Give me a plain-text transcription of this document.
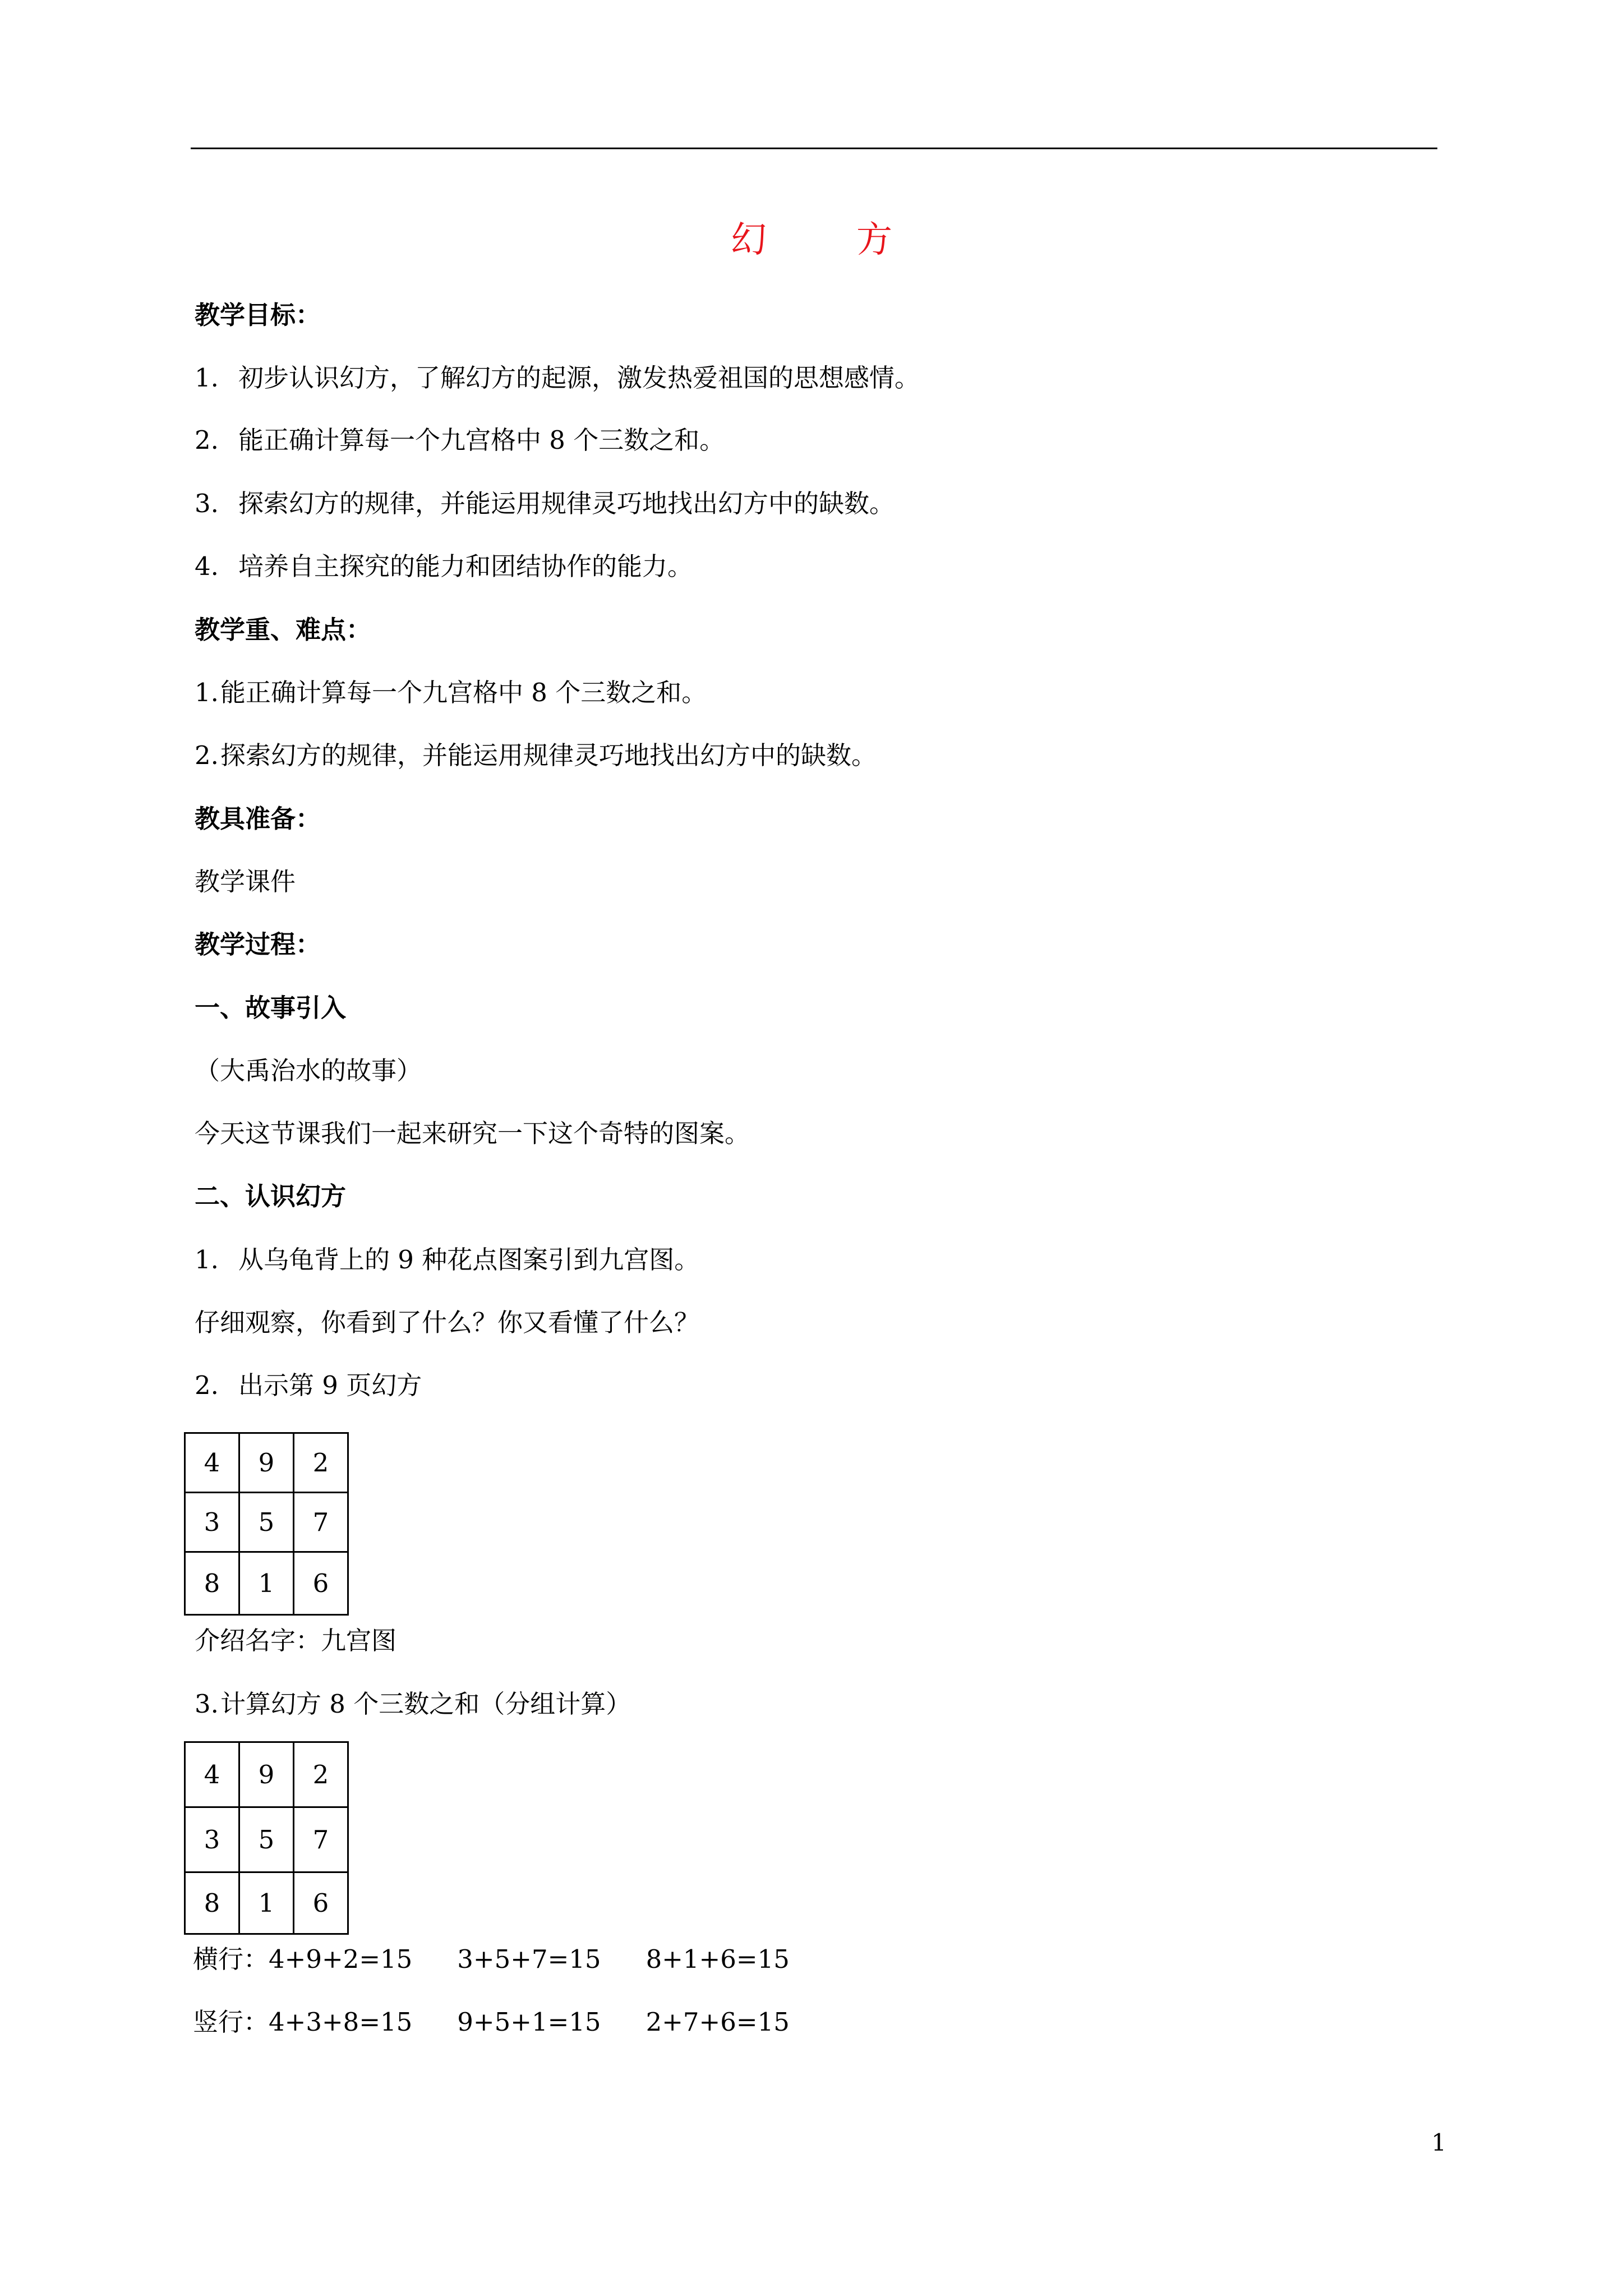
幻　方
教学目标：
1. 初步认识幻方，了解幻方的起源，激发热爱祖国的思想感情。
2. 能正确计算每一个九宫格中 8 个三数之和。
3. 探索幻方的规律，并能运用规律灵巧地找出幻方中的缺数。
4. 培养自主探究的能力和团结协作的能力。
教学重、难点：
1.能正确计算每一个九宫格中 8 个三数之和。
2.探索幻方的规律，并能运用规律灵巧地找出幻方中的缺数。
教具准备：
教学课件
教学过程：
一、故事引入
（大禹治水的故事）
今天这节课我们一起来研究一下这个奇特的图案。
二、认识幻方
1. 从乌龟背上的 9 种花点图案引到九宫图。
仔细观察，你看到了什么？你又看懂了什么？
2. 出示第 9 页幻方
4	9	2
3	5	7
8	1	6
介绍名字：九宫图
3.计算幻方 8 个三数之和（分组计算）
4	9	2
3	5	7
8	1	6
横行：4+9+2=15 3+5+7=15 8+1+6=15
竖行：4+3+8=15 9+5+1=15 2+7+6=15
1
